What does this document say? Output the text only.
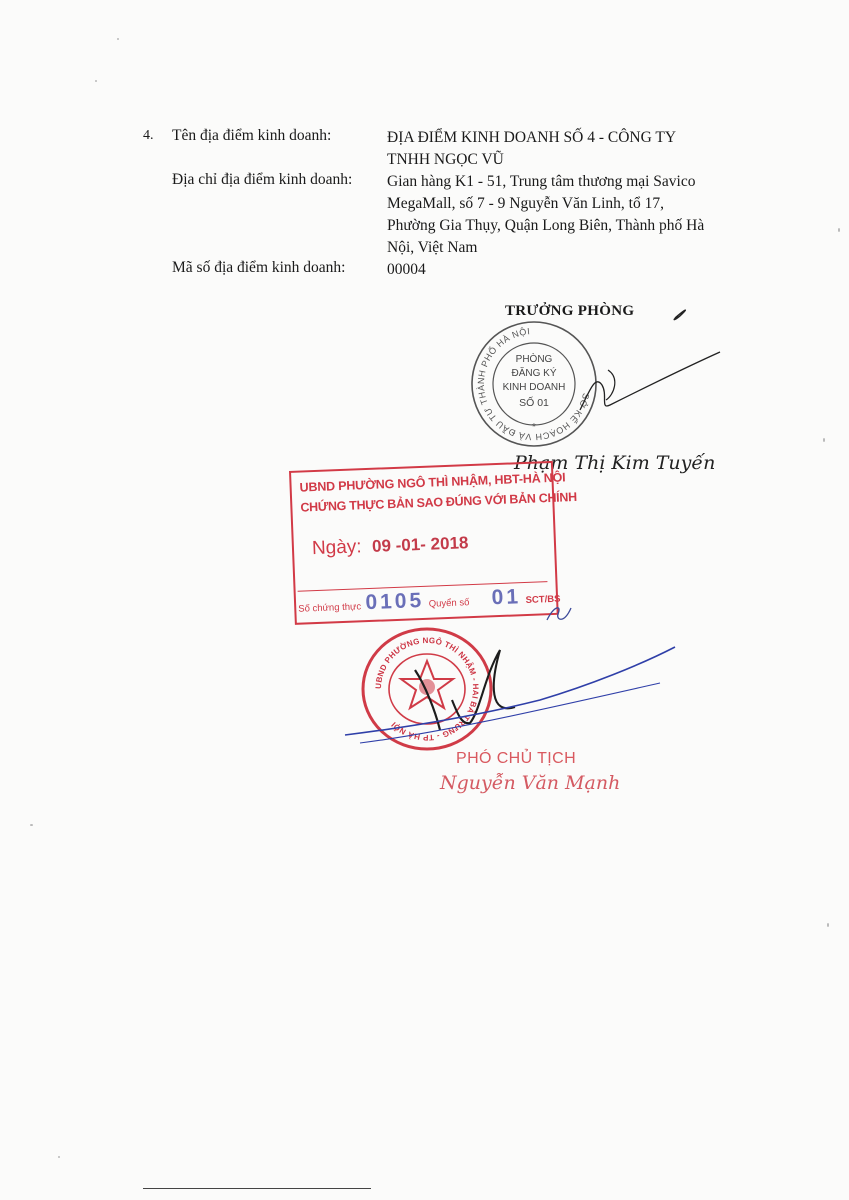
4. Tên địa điểm kinh doanh:	ĐỊA ĐIỂM KINH DOANH SỐ 4 - CÔNG TY
TNHH NGỌC VŨ
Địa chỉ địa điểm kinh doanh: Gian hàng K1 - 51, Trung tâm thương mại Savico
MegaMall, số 7 - 9 Nguyễn Văn Linh, tổ 17,
Phường Gia Thụy, Quận Long Biên, Thành phố Hà
Nội, Việt Nam
Mã số địa điểm kinh doanh:	00004
TRƯỞNG PHÒNG
SỞ KẾ HOẠCH VÀ ĐẦU TƯ THÀNH PHỐ HÀ NỘI
PHÒNG
ĐĂNG KÝ
KINH DOANH
SỐ 01
*
Phạm Thị Kim Tuyến
UBND PHƯỜNG NGÔ THÌ NHẬM, HBT-HÀ NỘI
CHỨNG THỰC BẢN SAO ĐÚNG VỚI BẢN CHÍNH
Ngày: 09 -01- 2018
Số chứng thực 0105 Quyển số 01 SCT/BS
UBND PHƯỜNG NGÔ THÌ NHẬM - HAI BÀ TRƯNG - TP HÀ NỘI
PHÓ CHỦ TỊCH
Nguyễn Văn Mạnh
